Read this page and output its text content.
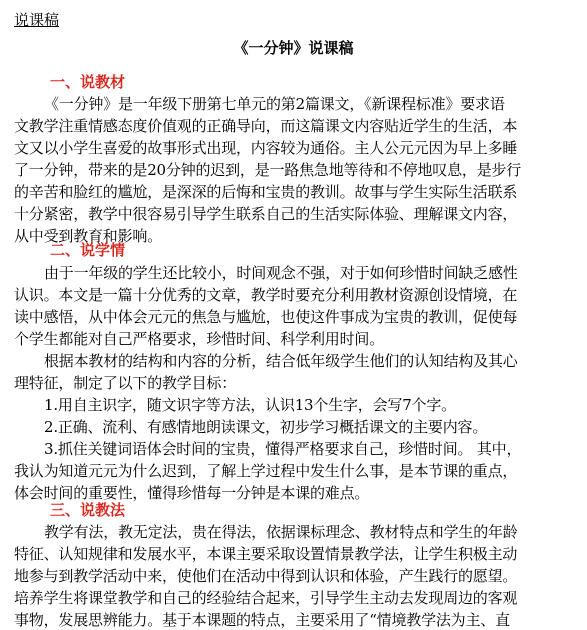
说课稿
《一分钟》说课稿
一、说教材
《一分钟》是一年级下册第七单元的第2篇课文，《新课程标准》要求语
文教学注重情感态度价值观的正确导向，而这篇课文内容贴近学生的生活，本
文又以小学生喜爱的故事形式出现，内容较为通俗。主人公元元因为早上多睡
了一分钟，带来的是20分钟的迟到，是一路焦急地等待和不停地叹息，是步行
的辛苦和脸红的尴尬，是深深的后悔和宝贵的教训。故事与学生实际生活联系
十分紧密，教学中很容易引导学生联系自己的生活实际体验、理解课文内容，
从中受到教育和影响。
二、说学情
由于一年级的学生还比较小，时间观念不强，对于如何珍惜时间缺乏感性
认识。本文是一篇十分优秀的文章，教学时要充分利用教材资源创设情境，在
读中感悟，从中体会元元的焦急与尴尬，也使这件事成为宝贵的教训，促使每
个学生都能对自己严格要求，珍惜时间、科学利用时间。
根据本教材的结构和内容的分析，结合低年级学生他们的认知结构及其心
理特征，制定了以下的教学目标：
1.用自主识字，随文识字等方法，认识13个生字，会写7个字。
2.正确、流利、有感情地朗读课文，初步学习概括课文的主要内容。
3.抓住关键词语体会时间的宝贵，懂得严格要求自己，珍惜时间。 其中，
我认为知道元元为什么迟到，了解上学过程中发生什么事，是本节课的重点，
体会时间的重要性，懂得珍惜每一分钟是本课的难点。
三、说教法
教学有法，教无定法，贵在得法，依据课标理念、教材特点和学生的年龄
特征、认知规律和发展水平，本课主要采取设置情景教学法，让学生积极主动
地参与到教学活动中来，使他们在活动中得到认识和体验，产生践行的愿望。
培养学生将课堂教学和自己的经验结合起来，引导学生主动去发现周边的客观
事物，发展思辨能力。基于本课题的特点，主要采用了“情境教学法为主、直
